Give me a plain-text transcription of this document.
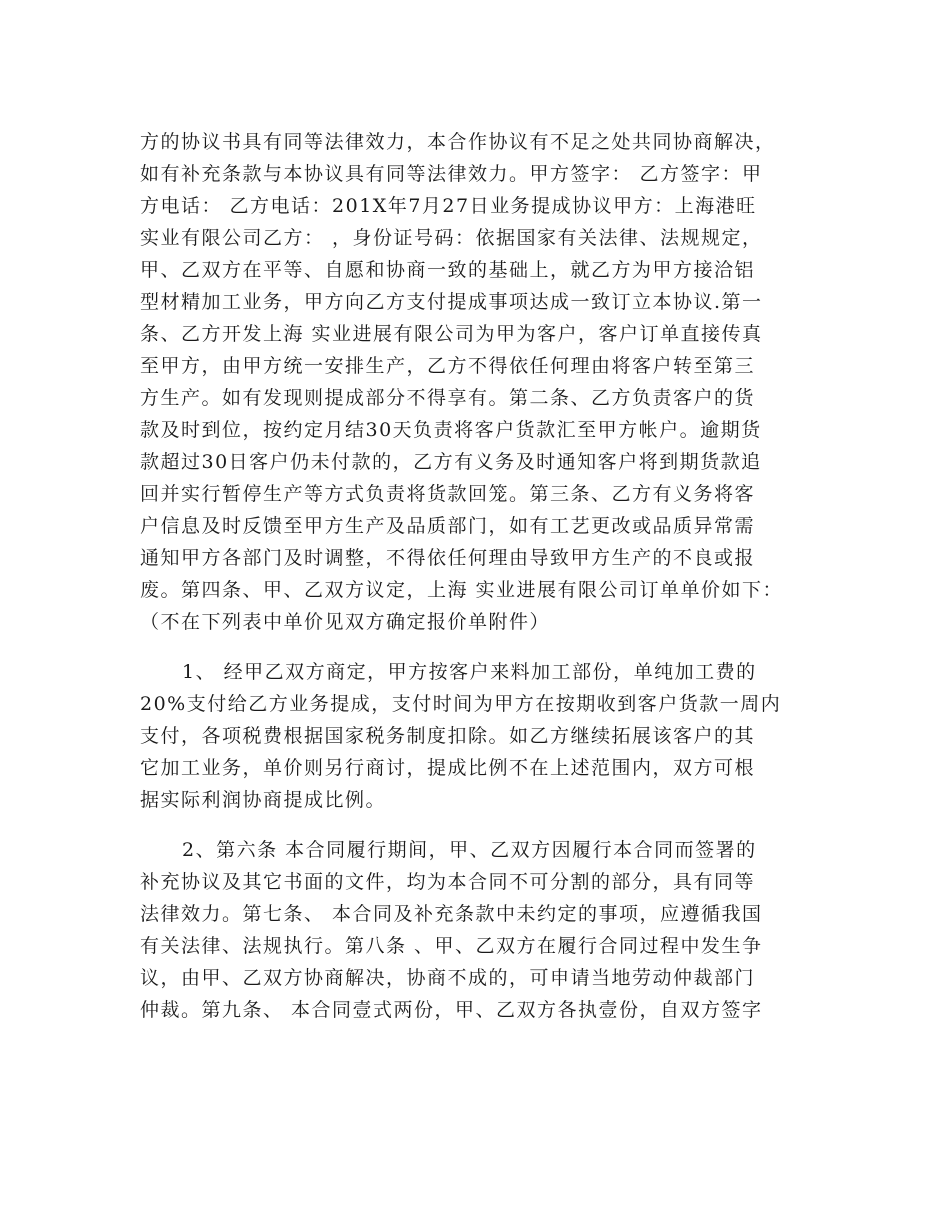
方的协议书具有同等法律效力，本合作协议有不足之处共同协商解决，
如有补充条款与本协议具有同等法律效力。甲方签字： 乙方签字：甲
方电话： 乙方电话：201X年7月27日业务提成协议甲方：上海港旺
实业有限公司乙方： ，身份证号码：依据国家有关法律、法规规定，
甲、乙双方在平等、自愿和协商一致的基础上，就乙方为甲方接洽铝
型材精加工业务，甲方向乙方支付提成事项达成一致订立本协议.第一
条、乙方开发上海 实业进展有限公司为甲为客户，客户订单直接传真
至甲方，由甲方统一安排生产，乙方不得依任何理由将客户转至第三
方生产。如有发现则提成部分不得享有。第二条、乙方负责客户的货
款及时到位，按约定月结30天负责将客户货款汇至甲方帐户。逾期货
款超过30日客户仍未付款的，乙方有义务及时通知客户将到期货款追
回并实行暂停生产等方式负责将货款回笼。第三条、乙方有义务将客
户信息及时反馈至甲方生产及品质部门，如有工艺更改或品质异常需
通知甲方各部门及时调整，不得依任何理由导致甲方生产的不良或报
废。第四条、甲、乙双方议定，上海 实业进展有限公司订单单价如下：
（不在下列表中单价见双方确定报价单附件）
1、 经甲乙双方商定，甲方按客户来料加工部份，单纯加工费的
20%支付给乙方业务提成，支付时间为甲方在按期收到客户货款一周内
支付，各项税费根据国家税务制度扣除。如乙方继续拓展该客户的其
它加工业务，单价则另行商讨，提成比例不在上述范围内，双方可根
据实际利润协商提成比例。
2、第六条 本合同履行期间，甲、乙双方因履行本合同而签署的
补充协议及其它书面的文件，均为本合同不可分割的部分，具有同等
法律效力。第七条、 本合同及补充条款中未约定的事项，应遵循我国
有关法律、法规执行。第八条 、甲、乙双方在履行合同过程中发生争
议，由甲、乙双方协商解决，协商不成的，可申请当地劳动仲裁部门
仲裁。第九条、 本合同壹式两份，甲、乙双方各执壹份，自双方签字
